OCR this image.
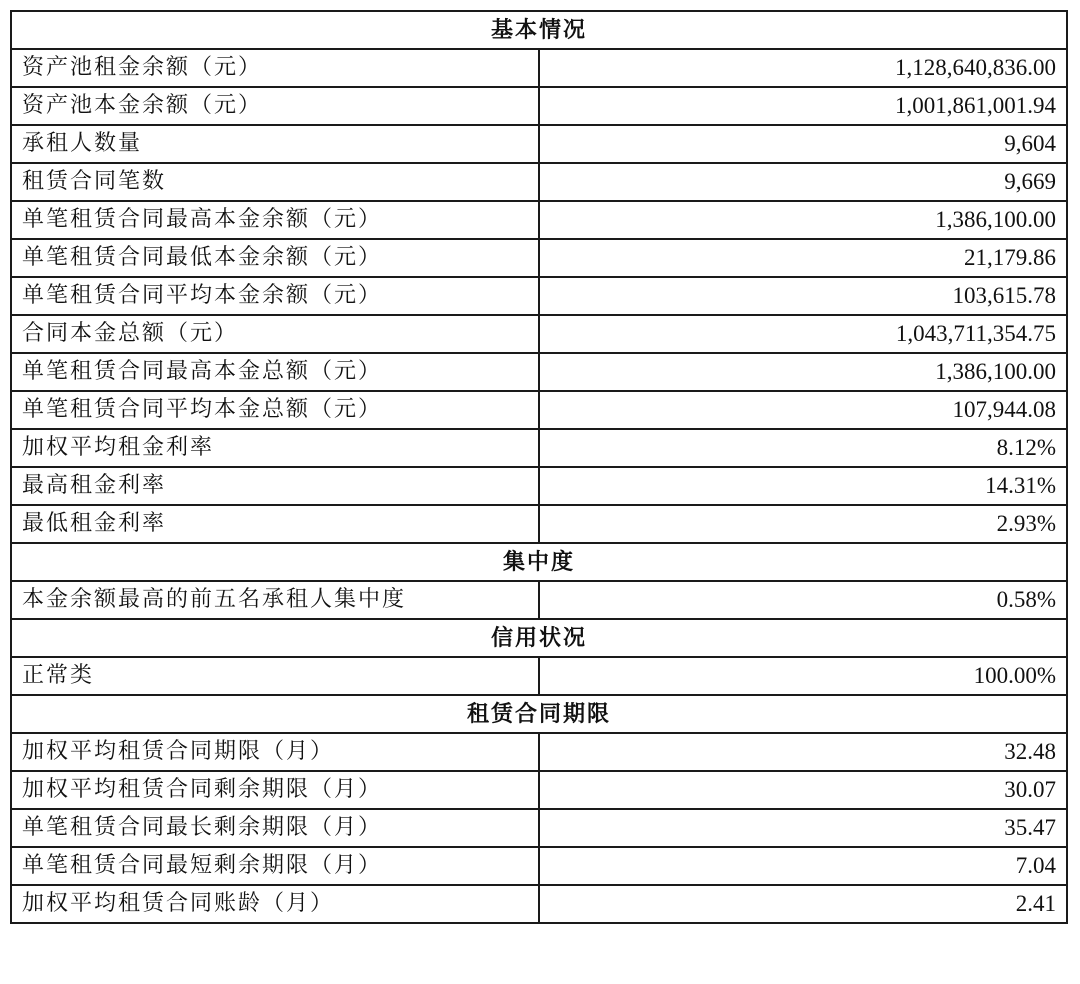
基本情况	
资产池租金余额（元）	1,128,640,836.00
资产池本金余额（元）	1,001,861,001.94
承租人数量	9,604
租赁合同笔数	9,669
单笔租赁合同最高本金余额（元）	1,386,100.00
单笔租赁合同最低本金余额（元）	21,179.86
单笔租赁合同平均本金余额（元）	103,615.78
合同本金总额（元）	1,043,711,354.75
单笔租赁合同最高本金总额（元）	1,386,100.00
单笔租赁合同平均本金总额（元）	107,944.08
加权平均租金利率	8.12%
最高租金利率	14.31%
最低租金利率	2.93%
集中度	
本金余额最高的前五名承租人集中度	0.58%
信用状况	
正常类	100.00%
租赁合同期限	
加权平均租赁合同期限（月）	32.48
加权平均租赁合同剩余期限（月）	30.07
单笔租赁合同最长剩余期限（月）	35.47
单笔租赁合同最短剩余期限（月）	7.04
加权平均租赁合同账龄（月）	2.41
